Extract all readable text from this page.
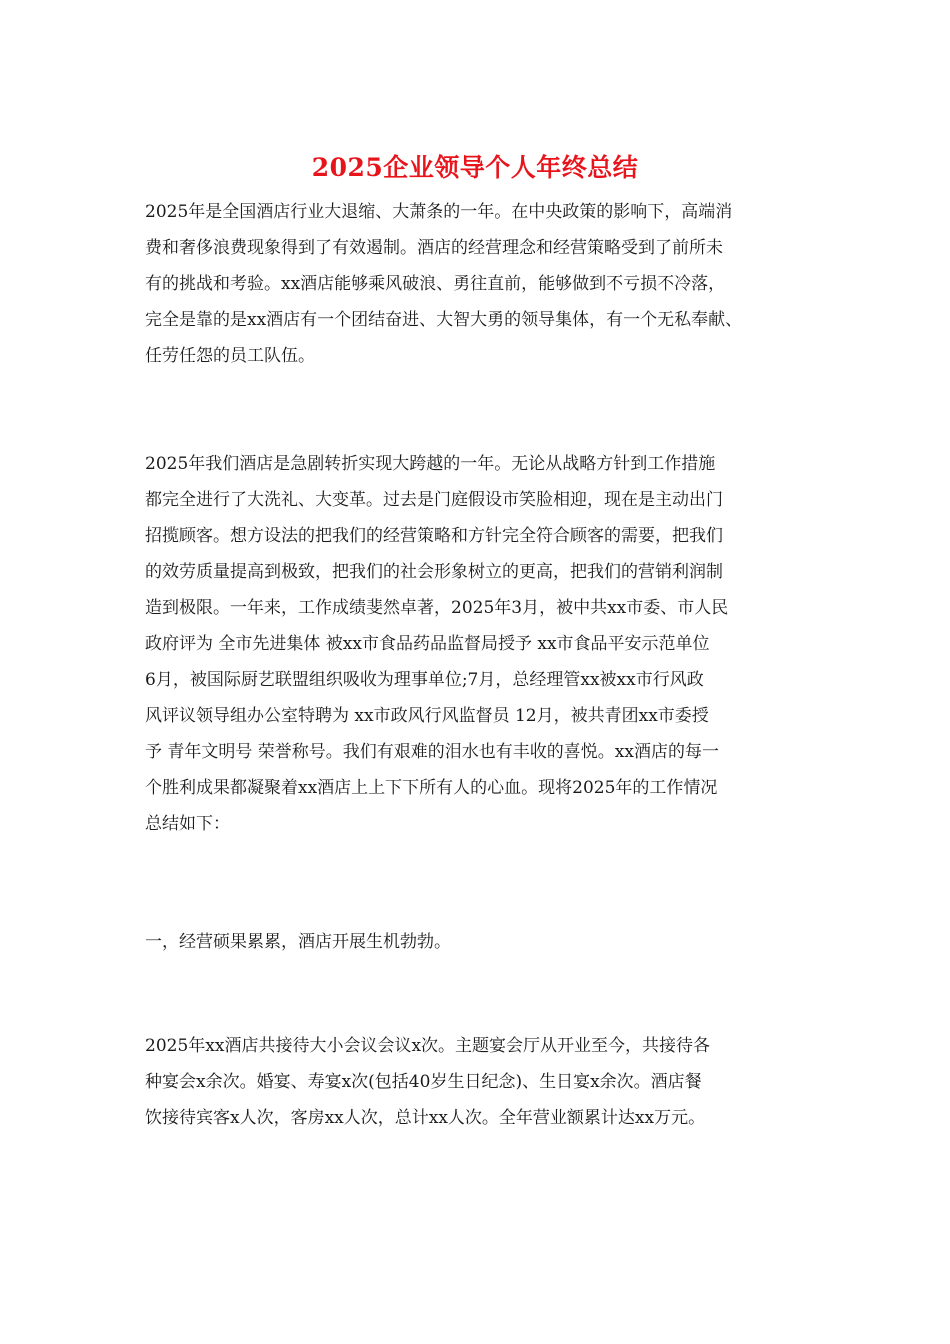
2025企业领导个人年终总结
2025年是全国酒店行业大退缩、大萧条的一年。在中央政策的影响下，高端消
费和奢侈浪费现象得到了有效遏制。酒店的经营理念和经营策略受到了前所未
有的挑战和考验。xx酒店能够乘风破浪、勇往直前，能够做到不亏损不冷落，
完全是靠的是xx酒店有一个团结奋进、大智大勇的领导集体，有一个无私奉献、
任劳任怨的员工队伍。
2025年我们酒店是急剧转折实现大跨越的一年。无论从战略方针到工作措施
都完全进行了大洗礼、大变革。过去是门庭假设市笑脸相迎，现在是主动出门
招揽顾客。想方设法的把我们的经营策略和方针完全符合顾客的需要，把我们
的效劳质量提高到极致，把我们的社会形象树立的更高，把我们的营销利润制
造到极限。一年来，工作成绩斐然卓著，2025年3月，被中共xx市委、市人民
政府评为 全市先进集体 被xx市食品药品监督局授予 xx市食品平安示范单位
6月，被国际厨艺联盟组织吸收为理事单位;7月，总经理管xx被xx市行风政
风评议领导组办公室特聘为 xx市政风行风监督员 12月，被共青团xx市委授
予 青年文明号 荣誉称号。我们有艰难的泪水也有丰收的喜悦。xx酒店的每一
个胜利成果都凝聚着xx酒店上上下下所有人的心血。现将2025年的工作情况
总结如下：
一，经营硕果累累，酒店开展生机勃勃。
2025年xx酒店共接待大小会议会议x次。主题宴会厅从开业至今，共接待各
种宴会x余次。婚宴、寿宴x次(包括40岁生日纪念)、生日宴x余次。酒店餐
饮接待宾客x人次，客房xx人次，总计xx人次。全年营业额累计达xx万元。
